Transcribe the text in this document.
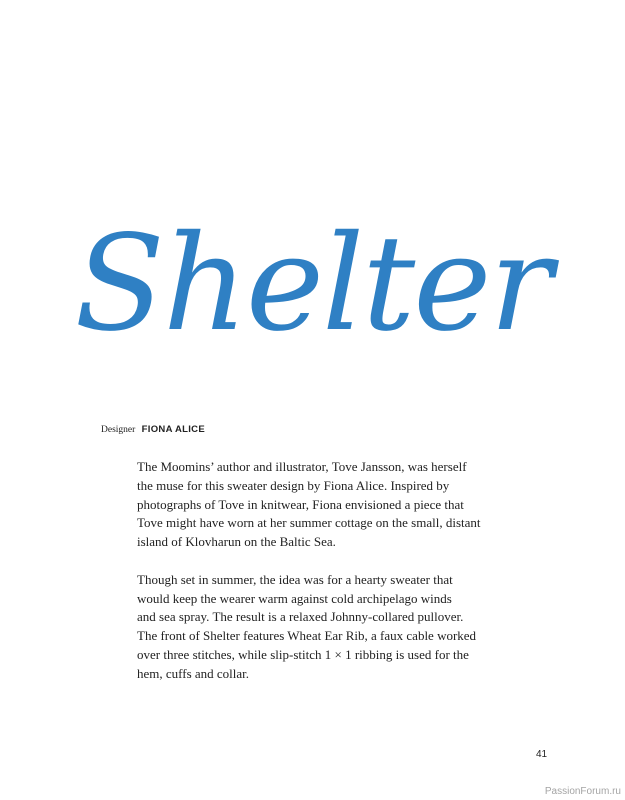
Shelter
Designer FIONA ALICE

The Moomins’ author and illustrator, Tove Jansson, was herself
the muse for this sweater design by Fiona Alice. Inspired by
photographs of Tove in knitwear, Fiona envisioned a piece that
Tove might have worn at her summer cottage on the small, distant
island of Klovharun on the Baltic Sea.

Though set in summer, the idea was for a hearty sweater that
would keep the wearer warm against cold archipelago winds
and sea spray. The result is a relaxed Johnny-collared pullover.
The front of Shelter features Wheat Ear Rib, a faux cable worked
over three stitches, while slip-stitch 1 × 1 ribbing is used for the
hem, cuffs and collar.

41
PassionForum.ru
